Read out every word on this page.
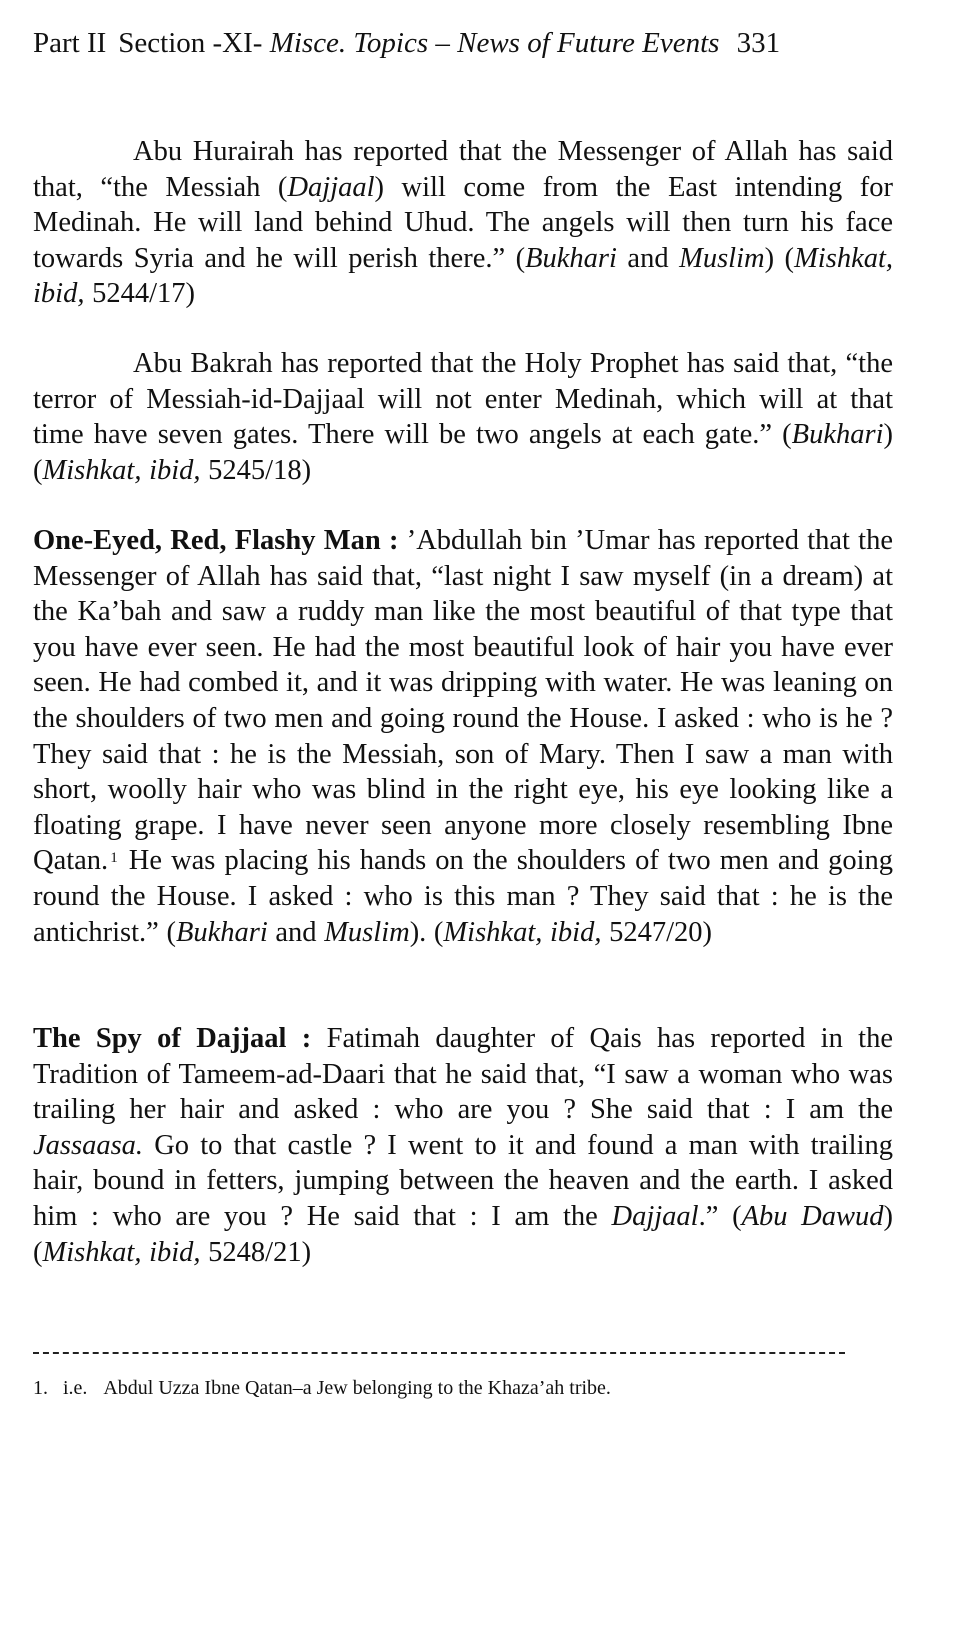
Part II Section -XI- Misce. Topics – News of Future Events 331

Abu Hurairah has reported that the Messenger of Allah has said that, “the Messiah (Dajjaal) will come from the East intending for Medinah. He will land behind Uhud. The angels will then turn his face towards Syria and he will perish there.” (Bukhari and Muslim) (Mishkat, ibid, 5244/17)

Abu Bakrah has reported that the Holy Prophet has said that, “the terror of Messiah-id-Dajjaal will not enter Medinah, which will at that time have seven gates. There will be two angels at each gate.” (Bukhari) (Mishkat, ibid, 5245/18)

One-Eyed, Red, Flashy Man : ’Abdullah bin ’Umar has reported that the Messenger of Allah has said that, “last night I saw myself (in a dream) at the Ka’bah and saw a ruddy man like the most beautiful of that type that you have ever seen. He had the most beautiful look of hair you have ever seen. He had combed it, and it was dripping with water. He was leaning on the shoulders of two men and going round the House. I asked : who is he ? They said that : he is the Messiah, son of Mary. Then I saw a man with short, woolly hair who was blind in the right eye, his eye looking like a floating grape. I have never seen anyone more closely resembling Ibne Qatan. $^1$ He was placing his hands on the shoulders of two men and going round the House. I asked : who is this man ? They said that : he is the antichrist.” (Bukhari and Muslim). (Mishkat, ibid, 5247/20)

The Spy of Dajjaal : Fatimah daughter of Qais has reported in the Tradition of Tameem-ad-Daari that he said that, “I saw a woman who was trailing her hair and asked : who are you ? She said that : I am the Jassaasa. Go to that castle ? I went to it and found a man with trailing hair, bound in fetters, jumping between the heaven and the earth. I asked him : who are you ? He said that : I am the Dajjaal.” (Abu Dawud) (Mishkat, ibid, 5248/21)

1. i.e. Abdul Uzza Ibne Qatan–a Jew belonging to the Khaza’ah tribe.
